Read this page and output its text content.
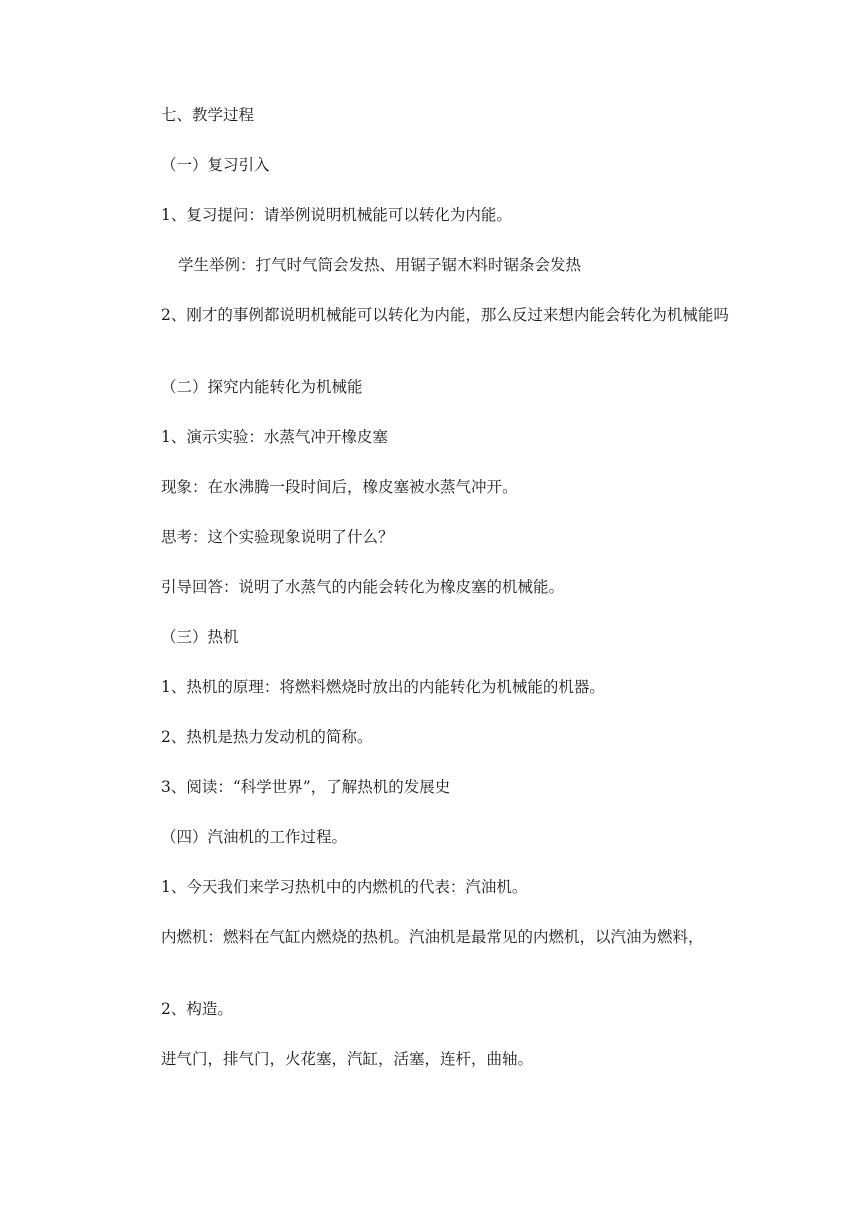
七、教学过程
（一）复习引入
1、复习提问：请举例说明机械能可以转化为内能。
学生举例：打气时气筒会发热、用锯子锯木料时锯条会发热
2、刚才的事例都说明机械能可以转化为内能，那么反过来想内能会转化为机械能吗
（二）探究内能转化为机械能
1、演示实验：水蒸气冲开橡皮塞
现象：在水沸腾一段时间后，橡皮塞被水蒸气冲开。
思考：这个实验现象说明了什么？
引导回答：说明了水蒸气的内能会转化为橡皮塞的机械能。
（三）热机
1、热机的原理：将燃料燃烧时放出的内能转化为机械能的机器。
2、热机是热力发动机的简称。
3、阅读：“科学世界”，了解热机的发展史
（四）汽油机的工作过程。
1、今天我们来学习热机中的内燃机的代表：汽油机。
内燃机：燃料在气缸内燃烧的热机。汽油机是最常见的内燃机，以汽油为燃料，
2、构造。
进气门，排气门，火花塞，汽缸，活塞，连杆，曲轴。
